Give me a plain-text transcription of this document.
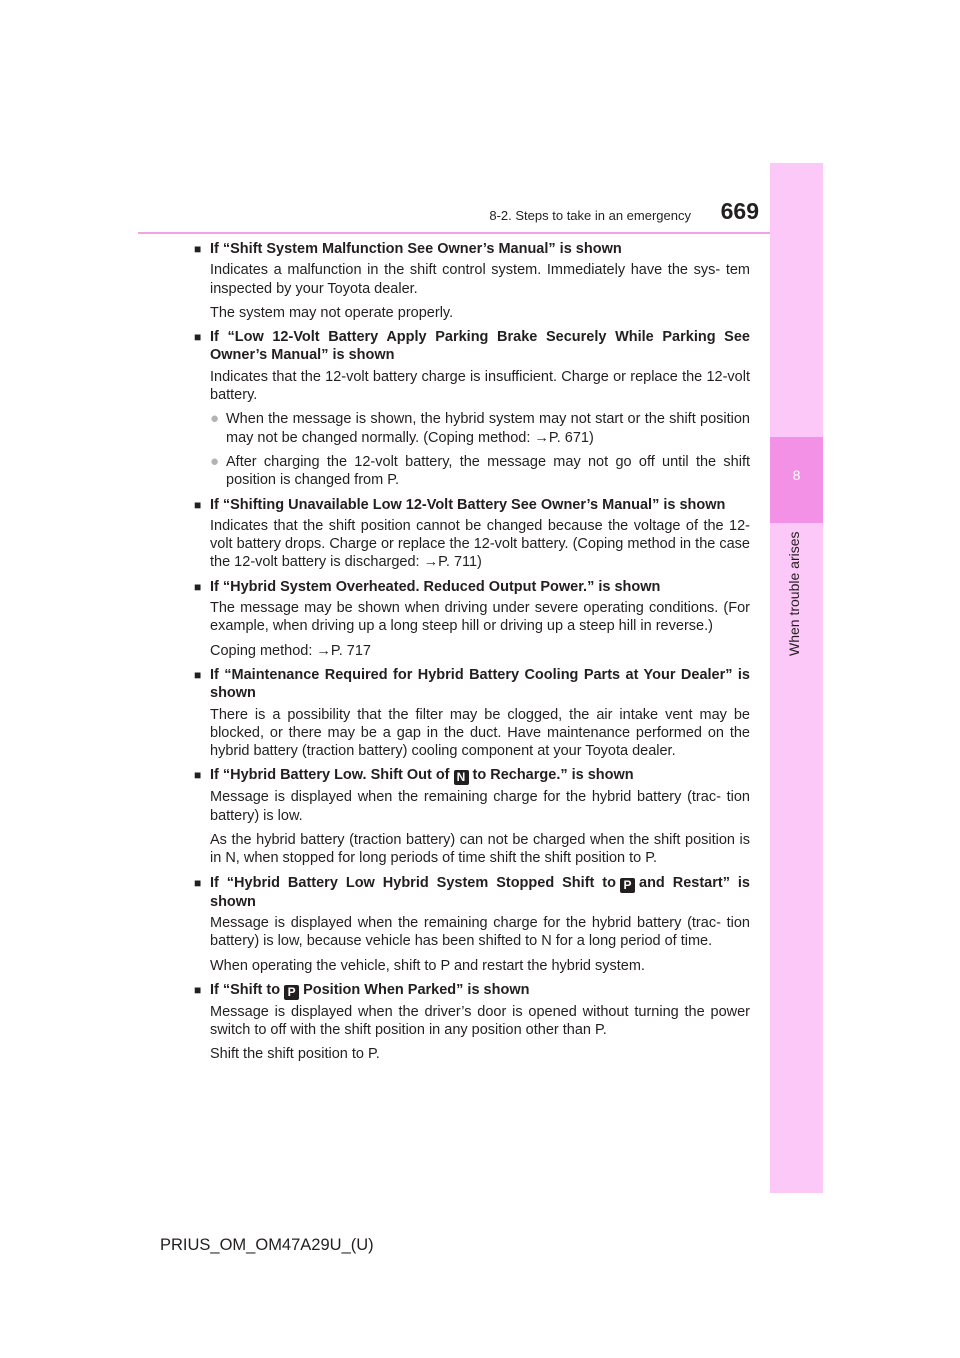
8-2. Steps to take in an emergency	669
8
When trouble arises
■ If “Shift System Malfunction See Owner’s Manual” is shown

Indicates a malfunction in the shift control system. Immediately have the sys- tem inspected by your Toyota dealer.

The system may not operate properly.

■ If “Low 12-Volt Battery Apply Parking Brake Securely While Parking See Owner’s Manual” is shown

Indicates that the 12-volt battery charge is insufficient. Charge or replace the 12-volt battery.

● When the message is shown, the hybrid system may not start or the shift position may not be changed normally. (Coping method: →P. 671)
● After charging the 12-volt battery, the message may not go off until the shift position is changed from P.
■ If “Shifting Unavailable Low 12-Volt Battery See Owner’s Manual” is shown

Indicates that the shift position cannot be changed because the voltage of the 12-volt battery drops. Charge or replace the 12-volt battery. (Coping method in the case the 12-volt battery is discharged: →P. 711)

■ If “Hybrid System Overheated. Reduced Output Power.” is shown

The message may be shown when driving under severe operating conditions. (For example, when driving up a long steep hill or driving up a steep hill in reverse.)

Coping method: →P. 717

■ If “Maintenance Required for Hybrid Battery Cooling Parts at Your Dealer” is shown

There is a possibility that the filter may be clogged, the air intake vent may be blocked, or there may be a gap in the duct. Have maintenance performed on the hybrid battery (traction battery) cooling component at your Toyota dealer.

■ If “Hybrid Battery Low. Shift Out of N to Recharge.” is shown

Message is displayed when the remaining charge for the hybrid battery (trac- tion battery) is low.

As the hybrid battery (traction battery) can not be charged when the shift position is in N, when stopped for long periods of time shift the shift position to P.

■ If “Hybrid Battery Low Hybrid System Stopped Shift to P and Restart” is shown

Message is displayed when the remaining charge for the hybrid battery (trac- tion battery) is low, because vehicle has been shifted to N for a long period of time.

When operating the vehicle, shift to P and restart the hybrid system.

■ If “Shift to P Position When Parked” is shown

Message is displayed when the driver’s door is opened without turning the power switch to off with the shift position in any position other than P.

Shift the shift position to P.

PRIUS_OM_OM47A29U_(U)
